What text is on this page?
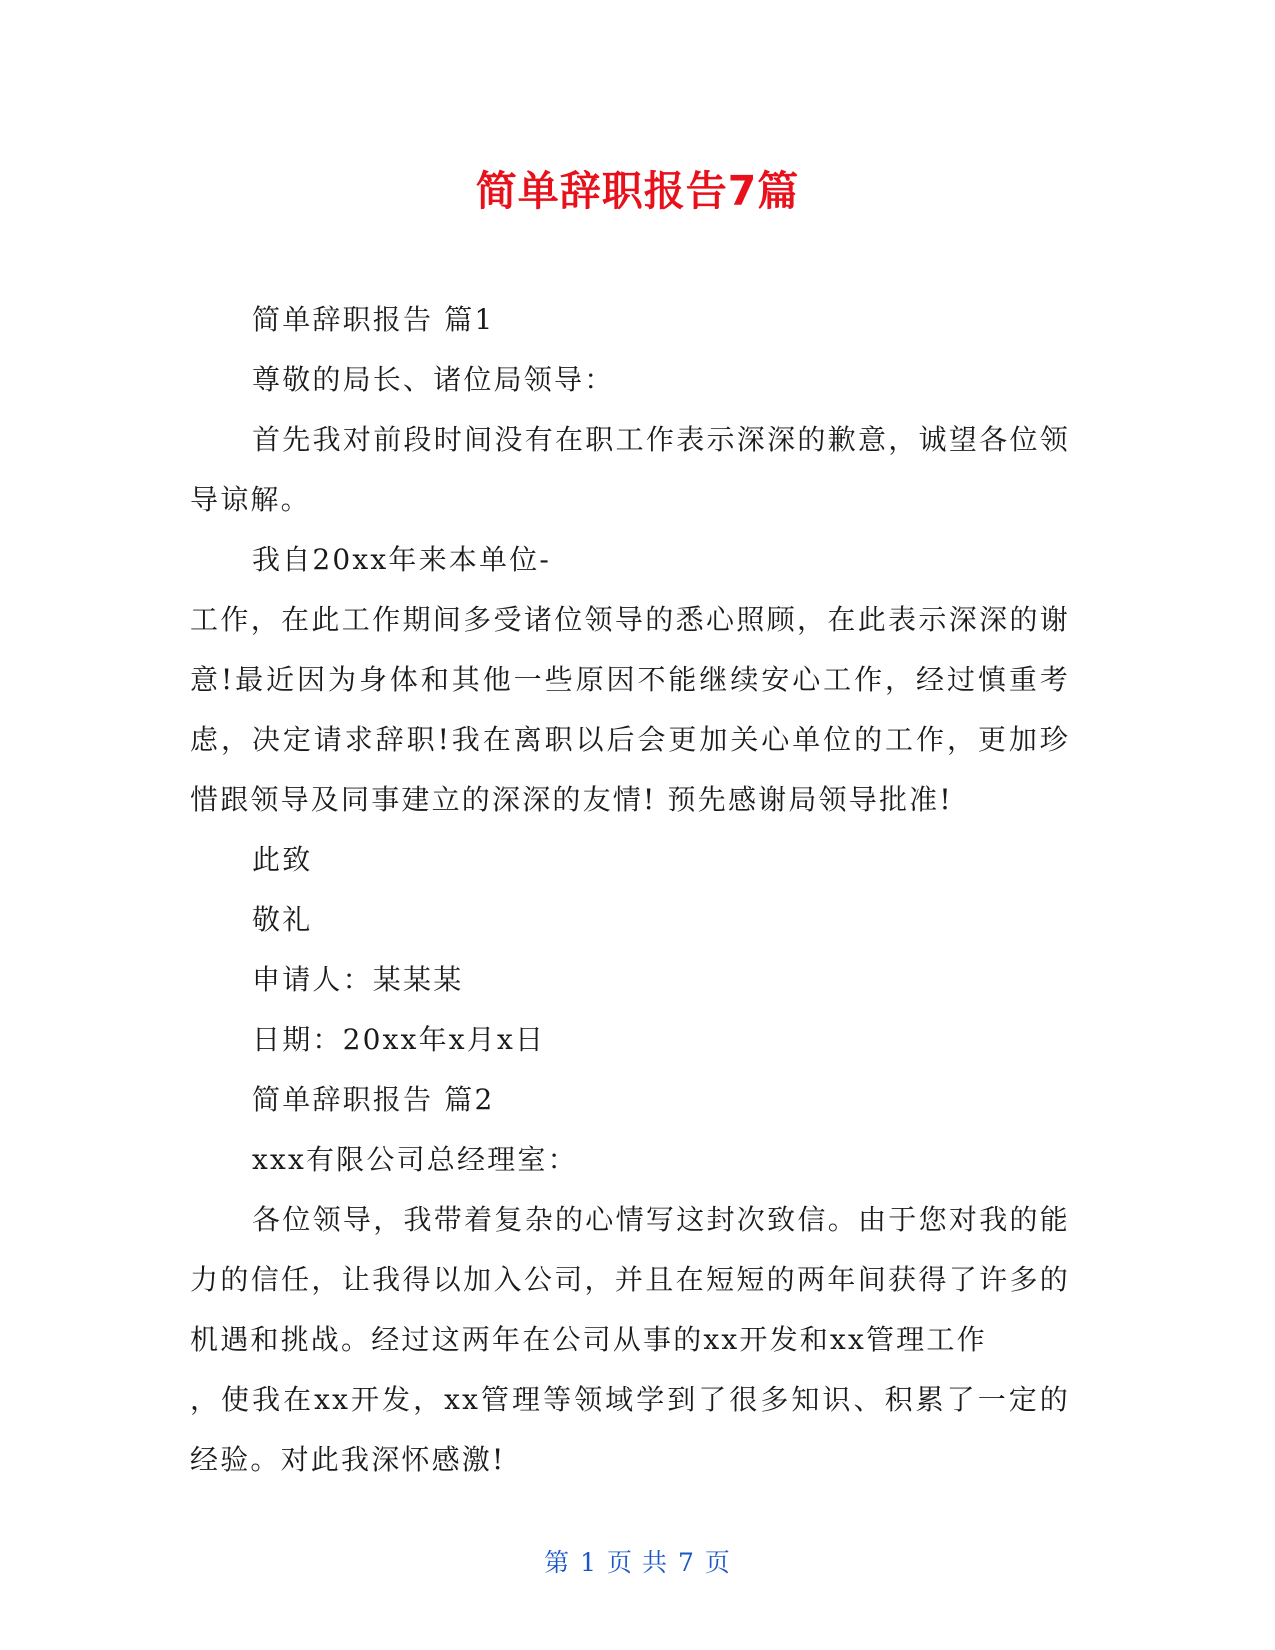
简单辞职报告7篇

简单辞职报告 篇1

尊敬的局长、诸位局领导：

首先我对前段时间没有在职工作表示深深的歉意，诚望各位领导谅解。

我自20xx年来本单位-

工作，在此工作期间多受诸位领导的悉心照顾，在此表示深深的谢意!最近因为身体和其他一些原因不能继续安心工作，经过慎重考虑，决定请求辞职!我在离职以后会更加关心单位的工作，更加珍惜跟领导及同事建立的深深的友情! 预先感谢局领导批准!

此致

敬礼

申请人：某某某

日期：20xx年x月x日

简单辞职报告 篇2

xxx有限公司总经理室：

各位领导，我带着复杂的心情写这封次致信。由于您对我的能力的信任，让我得以加入公司，并且在短短的两年间获得了许多的机遇和挑战。经过这两年在公司从事的xx开发和xx管理工作

，使我在xx开发，xx管理等领域学到了很多知识、积累了一定的经验。对此我深怀感激!

第 1 页 共 7 页
